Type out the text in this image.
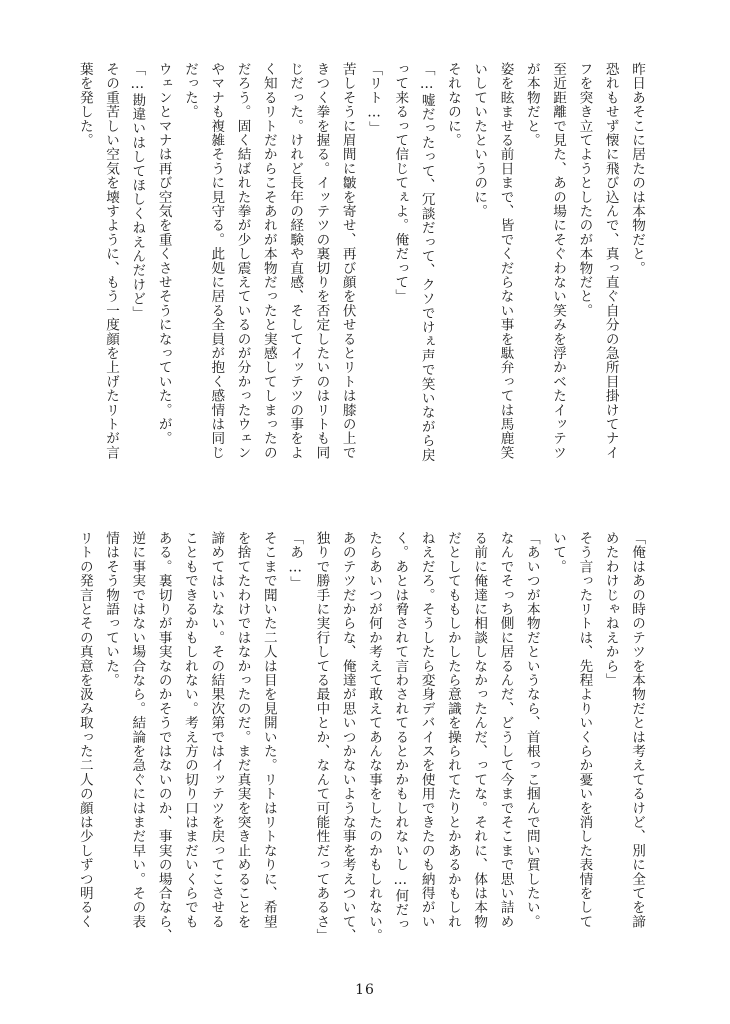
昨日あそこに居たのは本物だと。
恐れもせず懐に飛び込んで、真っ直ぐ自分の急所目掛けてナイ
フを突き立てようとしたのが本物だと。
至近距離で見た、あの場にそぐわない笑みを浮かべたイッテツ
が本物だと。
姿を眩ませる前日まで、皆でくだらない事を駄弁っては馬鹿笑
いしていたというのに。
それなのに。
「…嘘だったって、冗談だって、クソでけぇ声で笑いながら戻
って来るって信じてぇよ。俺だって」
「リト…」
苦しそうに眉間に皺を寄せ、再び顔を伏せるとリトは膝の上で
きつく拳を握る。イッテツの裏切りを否定したいのはリトも同
じだった。けれど長年の経験や直感、そしてイッテツの事をよ
く知るリトだからこそあれが本物だったと実感してしまったの
だろう。固く結ばれた拳が少し震えているのが分かったウェン
やマナも複雑そうに見守る。此処に居る全員が抱く感情は同じ
だった。
ウェンとマナは再び空気を重くさせそうになっていた。が。
「…勘違いはしてほしくねえんだけど」
その重苦しい空気を壊すように、もう一度顔を上げたリトが言
葉を発した。
「俺はあの時のテツを本物だとは考えてるけど、別に全てを諦
めたわけじゃねえから」
そう言ったリトは、先程よりいくらか憂いを消した表情をして
いて。
「あいつが本物だというなら、首根っこ掴んで問い質したい。
なんでそっち側に居るんだ、どうして今までそこまで思い詰め
る前に俺達に相談しなかったんだ、ってな。それに、体は本物
だとしてももしかしたら意識を操られてたりとかあるかもしれ
ねえだろ。そうしたら変身デバイスを使用できたのも納得がい
く。あとは脅されて言わされてるとかかもしれないし…何だっ
たらあいつが何か考えて敢えてあんな事をしたのかもしれない。
あのテツだからな、俺達が思いつかないような事を考えついて、
独りで勝手に実行してる最中とか、なんて可能性だってあるさ」
「あ…」
そこまで聞いた二人は目を見開いた。リトはリトなりに、希望
を捨てたわけではなかったのだ。まだ真実を突き止めることを
諦めてはいない。その結果次第ではイッテツを戻ってこさせる
こともできるかもしれない。考え方の切り口はまだいくらでも
ある。裏切りが事実なのかそうではないのか、事実の場合なら、
逆に事実ではない場合なら。結論を急ぐにはまだ早い。その表
情はそう物語っていた。
リトの発言とその真意を汲み取った二人の顔は少しずつ明るく
16
